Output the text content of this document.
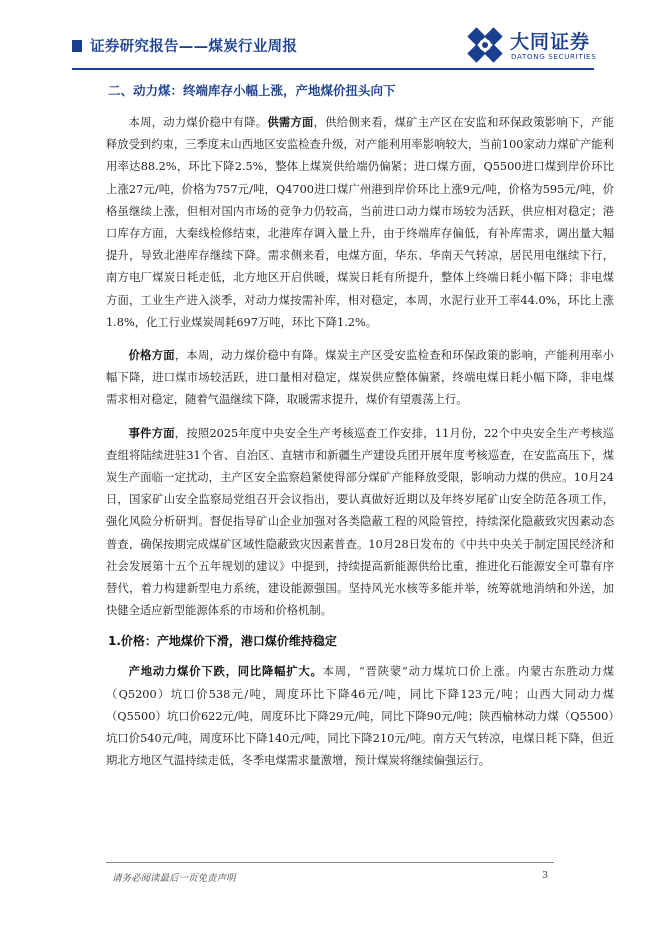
证券研究报告——煤炭行业周报	大同证券
DATONG SECURITIES
二、动力煤：终端库存小幅上涨，产地煤价扭头向下

本周，动力煤价稳中有降。供需方面，供给侧来看，煤矿主产区在安监和环保政策影响下，产能释放受到约束，三季度末山西地区安监检查升级，对产能利用率影响较大，当前100家动力煤矿产能利用率达88.2%，环比下降2.5%，整体上煤炭供给端仍偏紧；进口煤方面，Q5500进口煤到岸价环比上涨27元/吨，价格为757元/吨，Q4700进口煤广州港到岸价环比上涨9元/吨，价格为595元/吨，价格虽继续上涨，但相对国内市场的竞争力仍较高，当前进口动力煤市场较为活跃，供应相对稳定；港口库存方面，大秦线检修结束，北港库存调入量上升，由于终端库存偏低，有补库需求，调出量大幅提升，导致北港库存继续下降。需求侧来看，电煤方面，华东、华南天气转凉，居民用电继续下行，南方电厂煤炭日耗走低，北方地区开启供暖，煤炭日耗有所提升，整体上终端日耗小幅下降；非电煤方面，工业生产进入淡季，对动力煤按需补库，相对稳定，本周，水泥行业开工率44.0%，环比上涨1.8%，化工行业煤炭周耗697万吨，环比下降1.2%。

价格方面，本周，动力煤价稳中有降。煤炭主产区受安监检查和环保政策的影响，产能利用率小幅下降，进口煤市场较活跃，进口量相对稳定，煤炭供应整体偏紧，终端电煤日耗小幅下降，非电煤需求相对稳定，随着气温继续下降，取暖需求提升，煤价有望震荡上行。

事件方面，按照2025年度中央安全生产考核巡查工作安排，11月份，22个中央安全生产考核巡查组将陆续进驻31个省、自治区、直辖市和新疆生产建设兵团开展年度考核巡查，在安监高压下，煤炭生产面临一定扰动，主产区安全监察趋紧使得部分煤矿产能释放受限，影响动力煤的供应。10月24日，国家矿山安全监察局党组召开会议指出，要认真做好近期以及年终岁尾矿山安全防范各项工作，强化风险分析研判。督促指导矿山企业加强对各类隐蔽工程的风险管控，持续深化隐蔽致灾因素动态普查，确保按期完成煤矿区域性隐蔽致灾因素普查。10月28日发布的《中共中央关于制定国民经济和社会发展第十五个五年规划的建议》中提到，持续提高新能源供给比重，推进化石能源安全可靠有序替代，着力构建新型电力系统，建设能源强国。坚持风光水核等多能并举，统筹就地消纳和外送，加快健全适应新型能源体系的市场和价格机制。

1.价格：产地煤价下滑，港口煤价维持稳定

产地动力煤价下跌，同比降幅扩大。本周，“晋陕蒙”动力煤坑口价上涨。内蒙古东胜动力煤（Q5200）坑口价538元/吨，周度环比下降46元/吨，同比下降123元/吨；山西大同动力煤（Q5500）坑口价622元/吨，周度环比下降29元/吨，同比下降90元/吨；陕西榆林动力煤（Q5500）坑口价540元/吨，周度环比下降140元/吨，同比下降210元/吨。南方天气转凉，电煤日耗下降，但近期北方地区气温持续走低，冬季电煤需求量激增，预计煤炭将继续偏强运行。

请务必阅读最后一页免责声明	3
